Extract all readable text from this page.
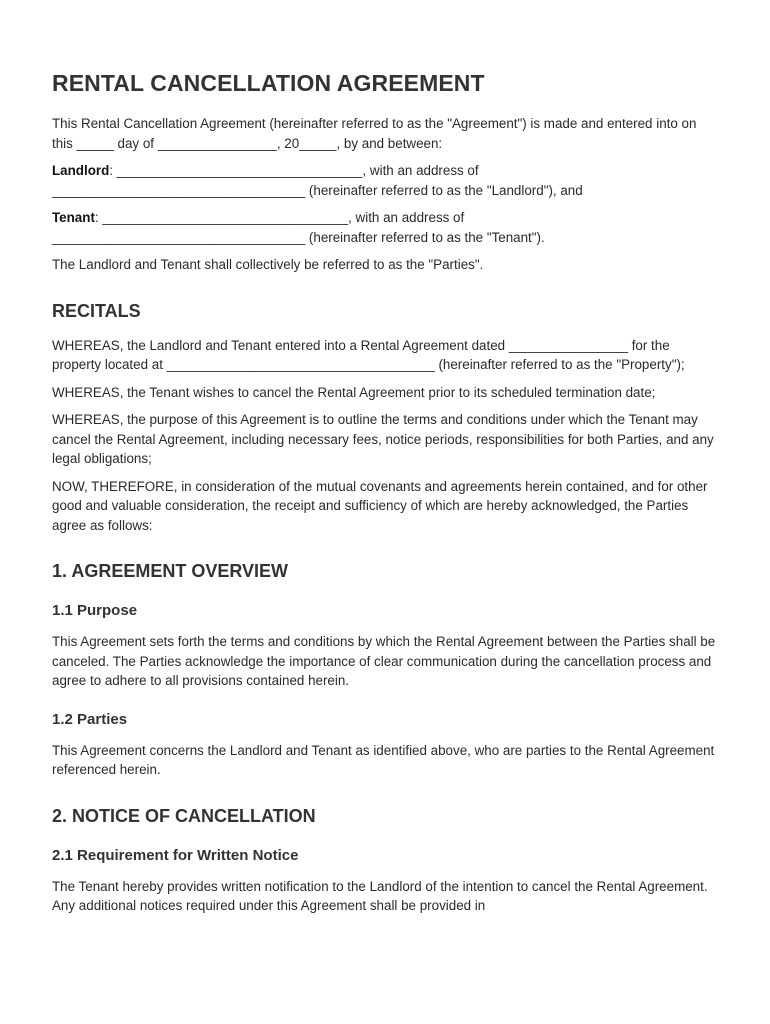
RENTAL CANCELLATION AGREEMENT

This Rental Cancellation Agreement (hereinafter referred to as the "Agreement") is made and entered into on this _____ day of ________________, 20_____, by and between:

Landlord: _________________________________, with an address of __________________________________ (hereinafter referred to as the "Landlord"), and

Tenant: _________________________________, with an address of __________________________________ (hereinafter referred to as the "Tenant").

The Landlord and Tenant shall collectively be referred to as the "Parties".

RECITALS

WHEREAS, the Landlord and Tenant entered into a Rental Agreement dated ________________ for the property located at ____________________________________ (hereinafter referred to as the "Property");

WHEREAS, the Tenant wishes to cancel the Rental Agreement prior to its scheduled termination date;

WHEREAS, the purpose of this Agreement is to outline the terms and conditions under which the Tenant may cancel the Rental Agreement, including necessary fees, notice periods, responsibilities for both Parties, and any legal obligations;

NOW, THEREFORE, in consideration of the mutual covenants and agreements herein contained, and for other good and valuable consideration, the receipt and sufficiency of which are hereby acknowledged, the Parties agree as follows:

1. AGREEMENT OVERVIEW
1.1 Purpose

This Agreement sets forth the terms and conditions by which the Rental Agreement between the Parties shall be canceled. The Parties acknowledge the importance of clear communication during the cancellation process and agree to adhere to all provisions contained herein.

1.2 Parties

This Agreement concerns the Landlord and Tenant as identified above, who are parties to the Rental Agreement referenced herein.

2. NOTICE OF CANCELLATION
2.1 Requirement for Written Notice

The Tenant hereby provides written notification to the Landlord of the intention to cancel the Rental Agreement. Any additional notices required under this Agreement shall be provided in
